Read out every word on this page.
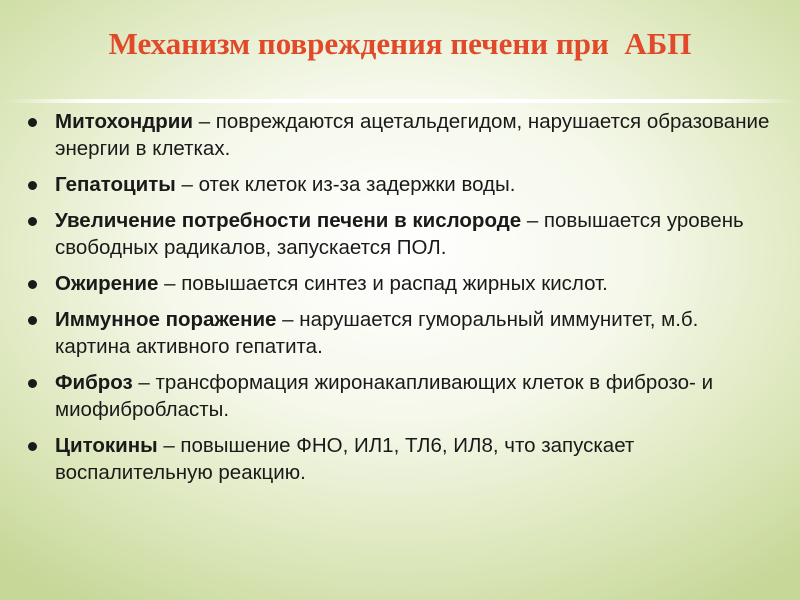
Механизм повреждения печени при  АБП
Митохондрии – повреждаются ацетальдегидом, нарушается образование энергии в клетках.
Гепатоциты – отек клеток из-за задержки воды.
Увеличение потребности печени в кислороде – повышается уровень свободных радикалов, запускается ПОЛ.
Ожирение – повышается синтез и распад жирных кислот.
Иммунное поражение – нарушается гуморальный иммунитет, м.б. картина активного гепатита.
Фиброз – трансформация жиронакапливающих клеток в фиброзо- и миофибробласты.
Цитокины – повышение ФНО, ИЛ1, ТЛ6, ИЛ8, что запускает воспалительную реакцию.
